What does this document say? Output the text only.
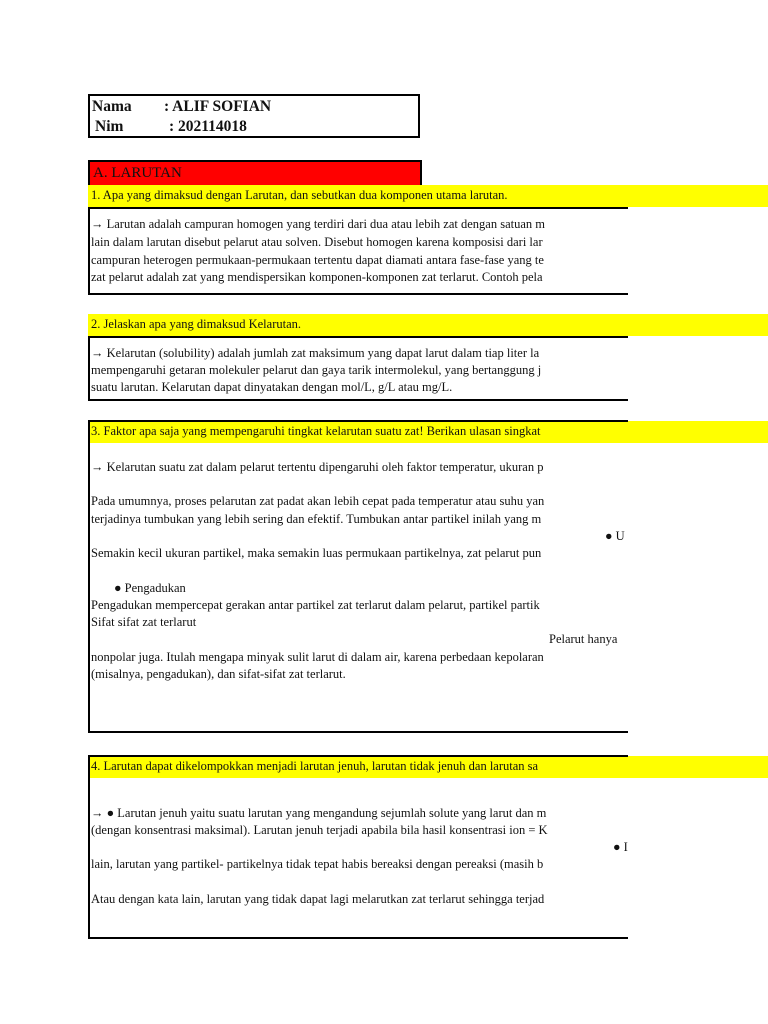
Nama : ALIF SOFIAN
Nim	: 202114018
A. LARUTAN
1. Apa yang dimaksud dengan Larutan, dan sebutkan dua komponen utama larutan.
→ Larutan adalah campuran homogen yang terdiri dari dua atau lebih zat dengan satuan m
lain dalam larutan disebut pelarut atau solven. Disebut homogen karena komposisi dari lar
campuran heterogen permukaan-permukaan tertentu dapat diamati antara fase-fase yang te
zat pelarut adalah zat yang mendispersikan komponen-komponen zat terlarut. Contoh pela
2. Jelaskan apa yang dimaksud Kelarutan.
→ Kelarutan (solubility) adalah jumlah zat maksimum yang dapat larut dalam tiap liter la
mempengaruhi getaran molekuler pelarut dan gaya tarik intermolekul, yang bertanggung j
suatu larutan. Kelarutan dapat dinyatakan dengan mol/L, g/L atau mg/L.
3. Faktor apa saja yang mempengaruhi tingkat kelarutan suatu zat! Berikan ulasan singkat
→ Kelarutan suatu zat dalam pelarut tertentu dipengaruhi oleh faktor temperatur, ukuran p
Pada umumnya, proses pelarutan zat padat akan lebih cepat pada temperatur atau suhu yan
terjadinya tumbukan yang lebih sering dan efektif. Tumbukan antar partikel inilah yang m
● U
Semakin kecil ukuran partikel, maka semakin luas permukaan partikelnya, zat pelarut pun
● Pengadukan
Pengadukan mempercepat gerakan antar partikel zat terlarut dalam pelarut, partikel partik
Sifat sifat zat terlarut
Pelarut hanya
nonpolar juga. Itulah mengapa minyak sulit larut di dalam air, karena perbedaan kepolaran
(misalnya, pengadukan), dan sifat-sifat zat terlarut.
4. Larutan dapat dikelompokkan menjadi larutan jenuh, larutan tidak jenuh dan larutan sa
→ ● Larutan jenuh yaitu suatu larutan yang mengandung sejumlah solute yang larut dan m
(dengan konsentrasi maksimal). Larutan jenuh terjadi apabila bila hasil konsentrasi ion = K
● I
lain, larutan yang partikel- partikelnya tidak tepat habis bereaksi dengan pereaksi (masih b
Atau dengan kata lain, larutan yang tidak dapat lagi melarutkan zat terlarut sehingga terjad
